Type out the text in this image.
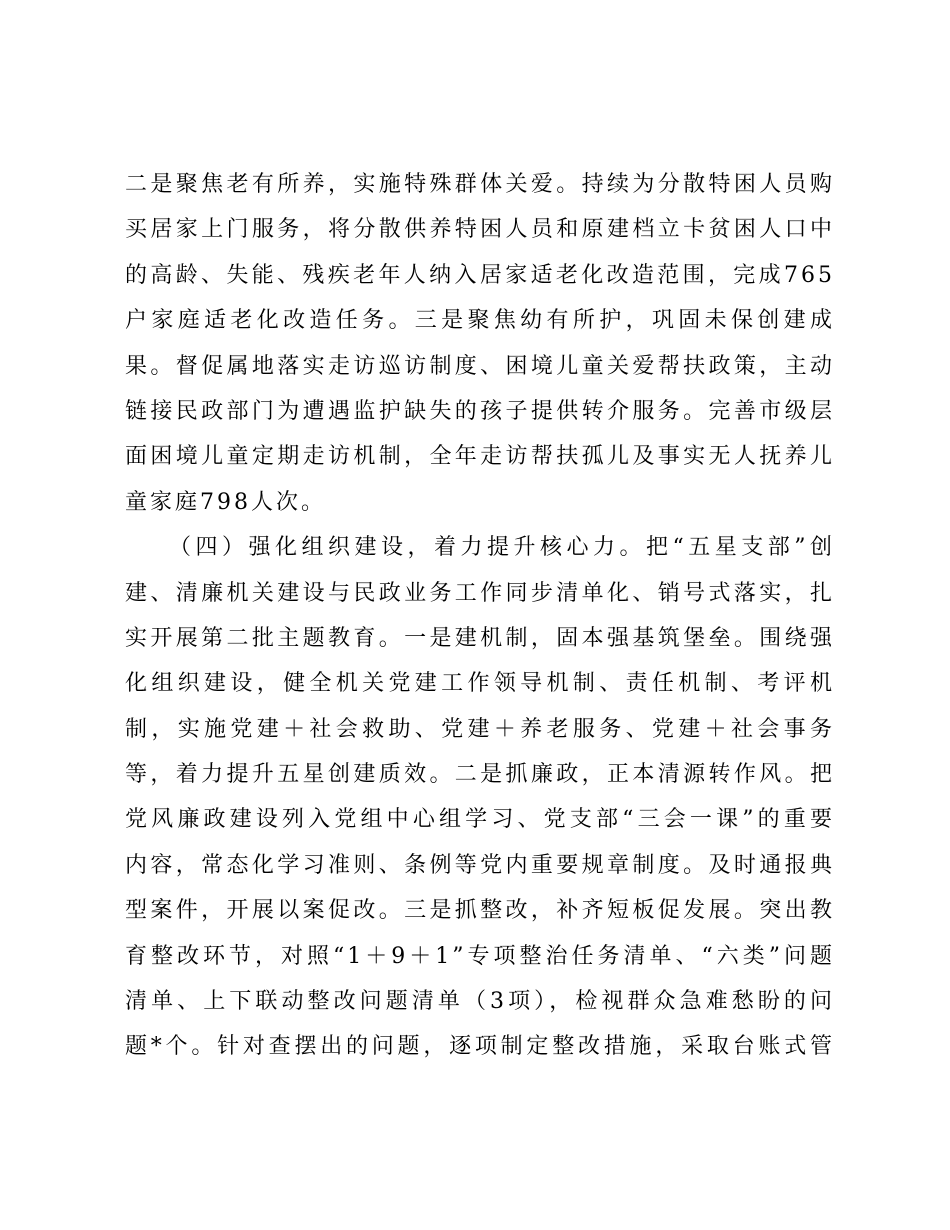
二是聚焦老有所养，实施特殊群体关爱。持续为分散特困人员购
买居家上门服务，将分散供养特困人员和原建档立卡贫困人口中
的高龄、失能、残疾老年人纳入居家适老化改造范围，完成765
户家庭适老化改造任务。三是聚焦幼有所护，巩固未保创建成
果。督促属地落实走访巡访制度、困境儿童关爱帮扶政策，主动
链接民政部门为遭遇监护缺失的孩子提供转介服务。完善市级层
面困境儿童定期走访机制，全年走访帮扶孤儿及事实无人抚养儿
童家庭798人次。
（四）强化组织建设，着力提升核心力。把“五星支部”创
建、清廉机关建设与民政业务工作同步清单化、销号式落实，扎
实开展第二批主题教育。一是建机制，固本强基筑堡垒。围绕强
化组织建设，健全机关党建工作领导机制、责任机制、考评机
制，实施党建＋社会救助、党建＋养老服务、党建＋社会事务
等，着力提升五星创建质效。二是抓廉政，正本清源转作风。把
党风廉政建设列入党组中心组学习、党支部“三会一课”的重要
内容，常态化学习准则、条例等党内重要规章制度。及时通报典
型案件，开展以案促改。三是抓整改，补齐短板促发展。突出教
育整改环节，对照“1＋9＋1”专项整治任务清单、“六类”问题
清单、上下联动整改问题清单（3项），检视群众急难愁盼的问
题*个。针对查摆出的问题，逐项制定整改措施，采取台账式管
